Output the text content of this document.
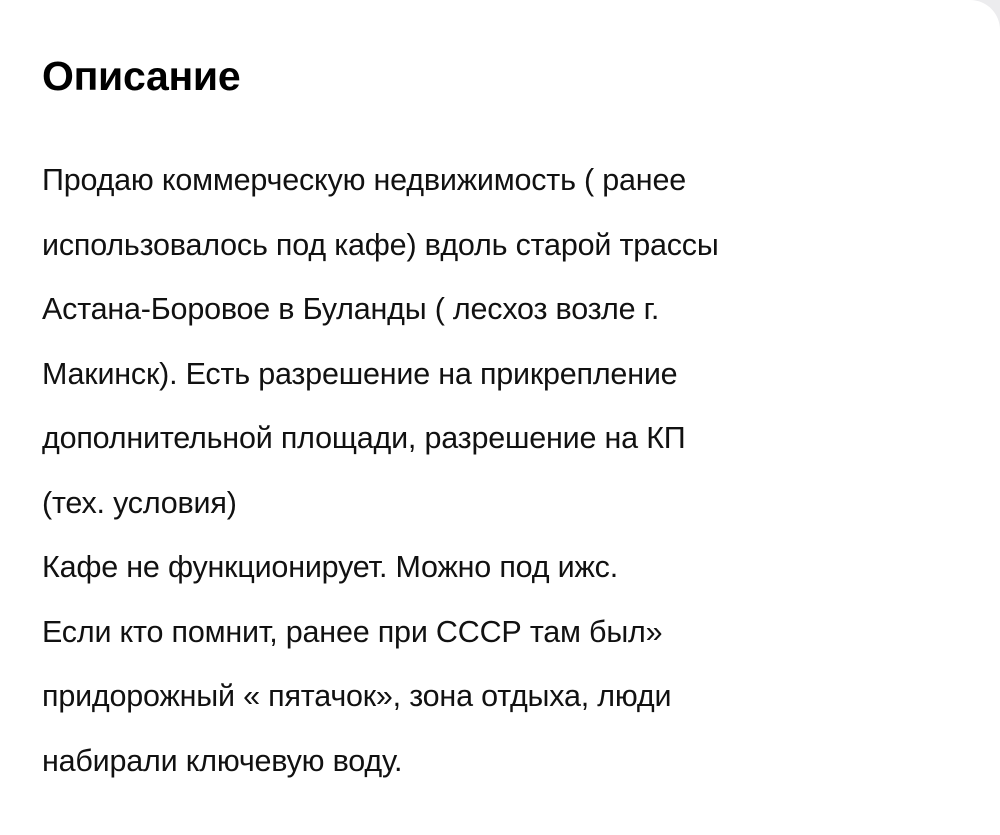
Описание
Продаю коммерческую недвижимость ( ранее
использовалось под кафе) вдоль старой трассы
Астана-Боровое в Буланды ( лесхоз возле г.
Макинск). Есть разрешение на прикрепление
дополнительной площади, разрешение на КП
(тех. условия)
Кафе не функционирует. Можно под ижс.
Если кто помнит, ранее при СССР там был»
придорожный « пятачок», зона отдыха, люди
набирали ключевую воду.
